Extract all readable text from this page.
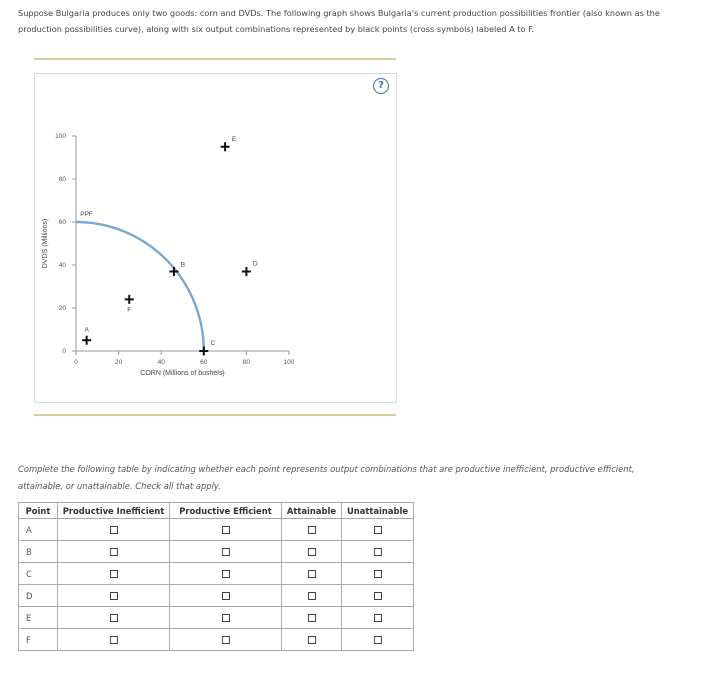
Suppose Bulgaria produces only two goods: corn and DVDs. The following graph shows Bulgaria's current production possibilities frontier (also known as the production possibilities curve), along with six output combinations represented by black points (cross symbols) labeled A to F.
?
0	20	40	60	80	100
0
20
40
60
80
100
CORN (Millions of bushels)
DVDS (Millions)
PPF
A
B
C
D
E
F
Complete the following table by indicating whether each point represents output combinations that are productive inefficient, productive efficient, attainable, or unattainable. Check all that apply.
Point	Productive Inefficient	Productive Efficient	Attainable	Unattainable
A				
B				
C				
D				
E				
F				
